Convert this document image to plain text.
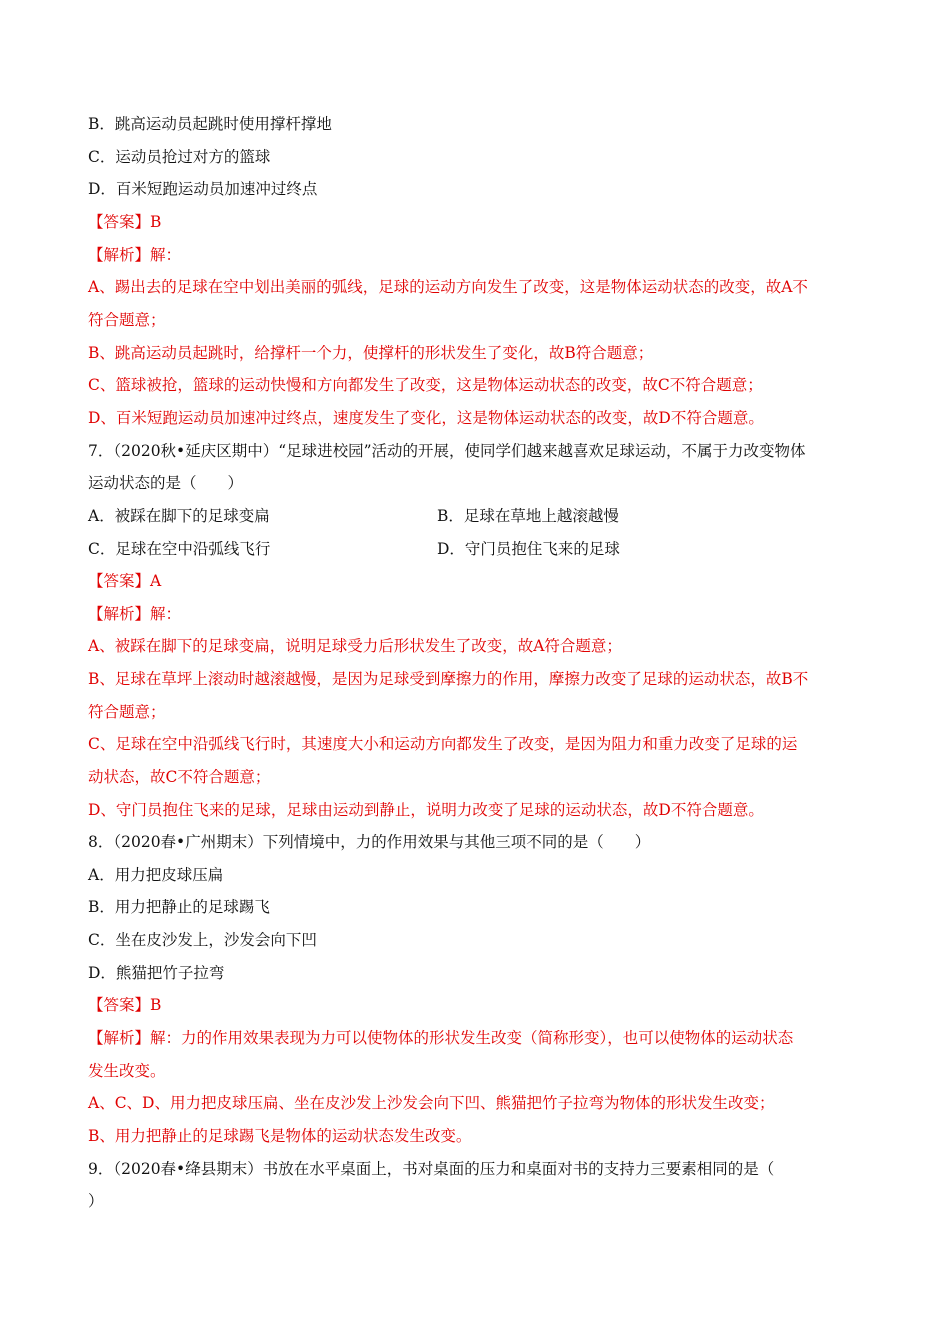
B．跳高运动员起跳时使用撑杆撑地
C．运动员抢过对方的篮球
D．百米短跑运动员加速冲过终点
【答案】B
【解析】解：
A、踢出去的足球在空中划出美丽的弧线，足球的运动方向发生了改变，这是物体运动状态的改变，故A不
符合题意；
B、跳高运动员起跳时，给撑杆一个力，使撑杆的形状发生了变化，故B符合题意；
C、篮球被抢，篮球的运动快慢和方向都发生了改变，这是物体运动状态的改变，故C不符合题意；
D、百米短跑运动员加速冲过终点，速度发生了变化，这是物体运动状态的改变，故D不符合题意。
7．（2020秋•延庆区期中）“足球进校园”活动的开展，使同学们越来越喜欢足球运动，不属于力改变物体
运动状态的是（　　）
A．被踩在脚下的足球变扁	B．足球在草地上越滚越慢
C．足球在空中沿弧线飞行	D．守门员抱住飞来的足球
【答案】A
【解析】解：
A、被踩在脚下的足球变扁，说明足球受力后形状发生了改变，故A符合题意；
B、足球在草坪上滚动时越滚越慢，是因为足球受到摩擦力的作用，摩擦力改变了足球的运动状态，故B不
符合题意；
C、足球在空中沿弧线飞行时，其速度大小和运动方向都发生了改变，是因为阻力和重力改变了足球的运
动状态，故C不符合题意；
D、守门员抱住飞来的足球，足球由运动到静止，说明力改变了足球的运动状态，故D不符合题意。
8．（2020春•广州期末）下列情境中，力的作用效果与其他三项不同的是（　　）
A．用力把皮球压扁
B．用力把静止的足球踢飞
C．坐在皮沙发上，沙发会向下凹
D．熊猫把竹子拉弯
【答案】B
【解析】解：力的作用效果表现为力可以使物体的形状发生改变（简称形变），也可以使物体的运动状态
发生改变。
A、C、D、用力把皮球压扁、坐在皮沙发上沙发会向下凹、熊猫把竹子拉弯为物体的形状发生改变；
B、用力把静止的足球踢飞是物体的运动状态发生改变。
9．（2020春•绛县期末）书放在水平桌面上，书对桌面的压力和桌面对书的支持力三要素相同的是（
）
